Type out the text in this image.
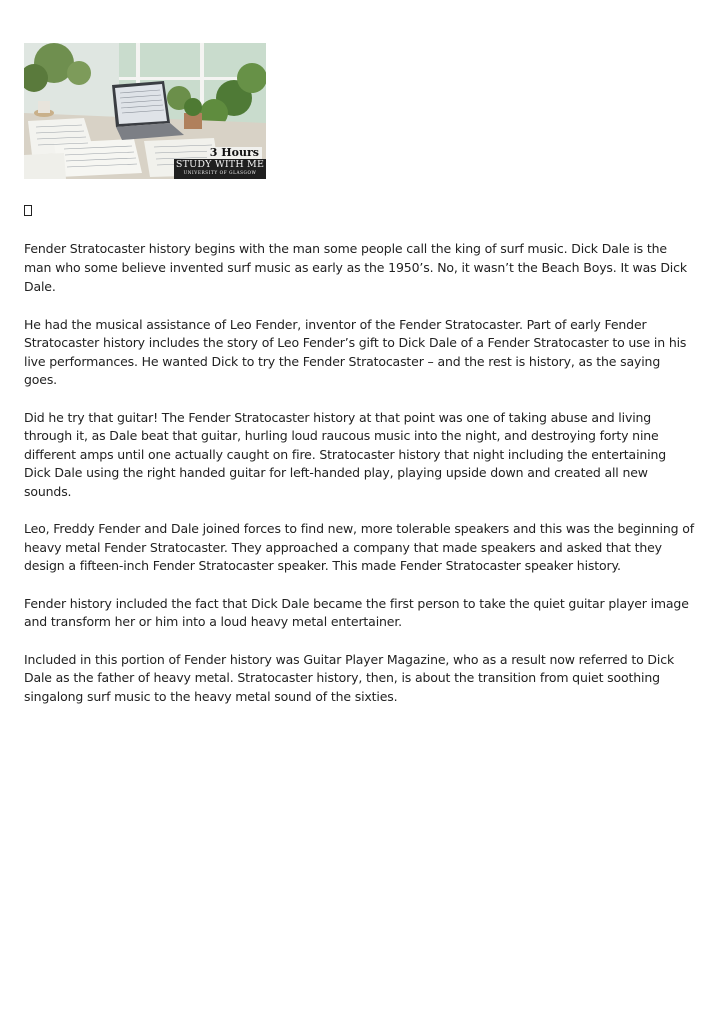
3 Hours
STUDY WITH ME
UNIVERSITY OF GLASGOW

Fender Stratocaster history begins with the man some people call the king of surf music. Dick Dale is the man who some believe invented surf music as early as the 1950’s. No, it wasn’t the Beach Boys. It was Dick Dale.

He had the musical assistance of Leo Fender, inventor of the Fender Stratocaster. Part of early Fender Stratocaster history includes the story of Leo Fender’s gift to Dick Dale of a Fender Stratocaster to use in his live performances. He wanted Dick to try the Fender Stratocaster – and the rest is history, as the saying goes.

Did he try that guitar! The Fender Stratocaster history at that point was one of taking abuse and living through it, as Dale beat that guitar, hurling loud raucous music into the night, and destroying forty nine different amps until one actually caught on fire. Stratocaster history that night including the entertaining Dick Dale using the right handed guitar for left-handed play, playing upside down and created all new sounds.

Leo, Freddy Fender and Dale joined forces to find new, more tolerable speakers and this was the beginning of heavy metal Fender Stratocaster. They approached a company that made speakers and asked that they design a fifteen-inch Fender Stratocaster speaker. This made Fender Stratocaster speaker history.

Fender history included the fact that Dick Dale became the first person to take the quiet guitar player image and transform her or him into a loud heavy metal entertainer.

Included in this portion of Fender history was Guitar Player Magazine, who as a result now referred to Dick Dale as the father of heavy metal. Stratocaster history, then, is about the transition from quiet soothing singalong surf music to the heavy metal sound of the sixties.
